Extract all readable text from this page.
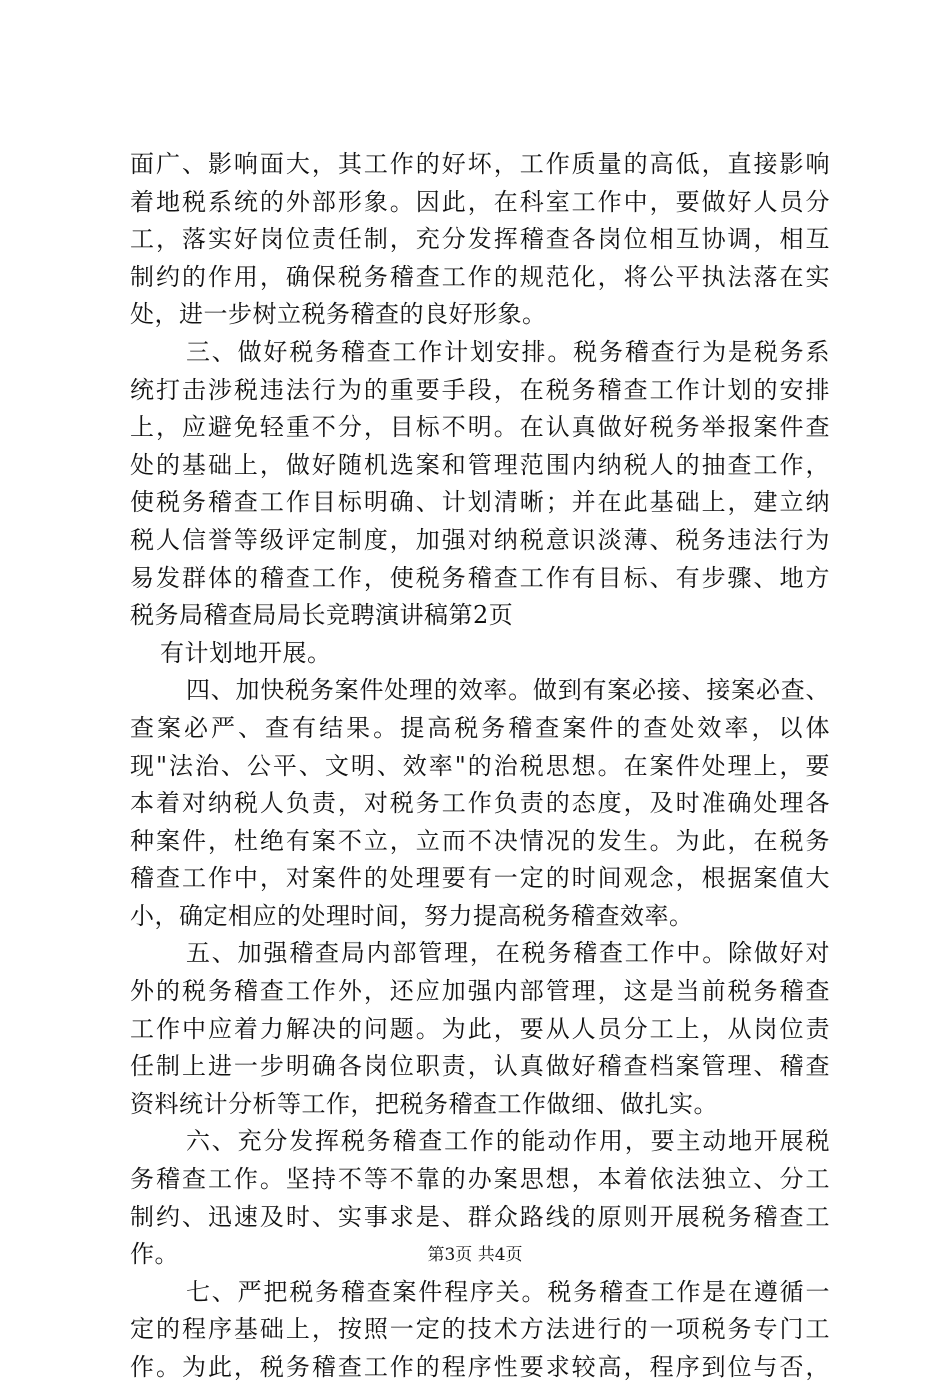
面广、影响面大，其工作的好坏，工作质量的高低，直接影响
着地税系统的外部形象。因此，在科室工作中，要做好人员分
工，落实好岗位责任制，充分发挥稽查各岗位相互协调，相互
制约的作用，确保税务稽查工作的规范化，将公平执法落在实
处，进一步树立税务稽查的良好形象。
三、做好税务稽查工作计划安排。税务稽查行为是税务系
统打击涉税违法行为的重要手段，在税务稽查工作计划的安排
上，应避免轻重不分，目标不明。在认真做好税务举报案件查
处的基础上，做好随机选案和管理范围内纳税人的抽查工作，
使税务稽查工作目标明确、计划清晰；并在此基础上，建立纳
税人信誉等级评定制度，加强对纳税意识淡薄、税务违法行为
易发群体的稽查工作，使税务稽查工作有目标、有步骤、地方
税务局稽查局局长竞聘演讲稿第2页
有计划地开展。
四、加快税务案件处理的效率。做到有案必接、接案必查、
查案必严、查有结果。提高税务稽查案件的查处效率，以体
现"法治、公平、文明、效率"的治税思想。在案件处理上，要
本着对纳税人负责，对税务工作负责的态度，及时准确处理各
种案件，杜绝有案不立，立而不决情况的发生。为此，在税务
稽查工作中，对案件的处理要有一定的时间观念，根据案值大
小，确定相应的处理时间，努力提高税务稽查效率。
五、加强稽查局内部管理，在税务稽查工作中。除做好对
外的税务稽查工作外，还应加强内部管理，这是当前税务稽查
工作中应着力解决的问题。为此，要从人员分工上，从岗位责
任制上进一步明确各岗位职责，认真做好稽查档案管理、稽查
资料统计分析等工作，把税务稽查工作做细、做扎实。
六、充分发挥税务稽查工作的能动作用，要主动地开展税
务稽查工作。坚持不等不靠的办案思想，本着依法独立、分工
制约、迅速及时、实事求是、群众路线的原则开展税务稽查工
作。
七、严把税务稽查案件程序关。税务稽查工作是在遵循一
定的程序基础上，按照一定的技术方法进行的一项税务专门工
作。为此，税务稽查工作的程序性要求较高，程序到位与否，
第3页 共4页
